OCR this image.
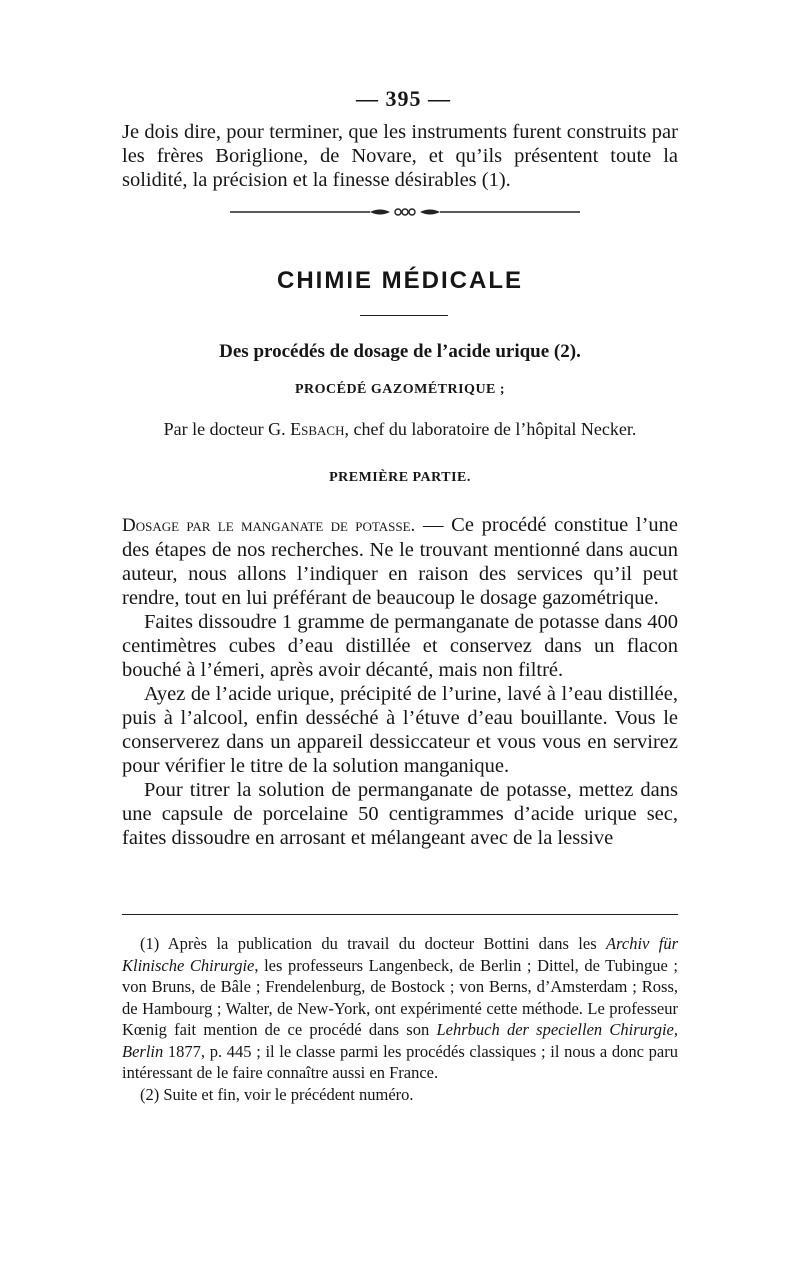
— 395 —
Je dois dire, pour terminer, que les instruments furent construits par les frères Boriglione, de Novare, et qu’ils présentent toute la solidité, la précision et la finesse désirables (1).
CHIMIE MÉDICALE
Des procédés de dosage de l’acide urique (2).
PROCÉDÉ GAZOMÉTRIQUE ;
Par le docteur G. Esbach, chef du laboratoire de l’hôpital Necker.
PREMIÈRE PARTIE.

Dosage par le manganate de potasse. — Ce procédé constitue l’une des étapes de nos recherches. Ne le trouvant mentionné dans aucun auteur, nous allons l’indiquer en raison des services qu’il peut rendre, tout en lui préférant de beaucoup le dosage gazométrique.

Faites dissoudre 1 gramme de permanganate de potasse dans 400 centimètres cubes d’eau distillée et conservez dans un flacon bouché à l’émeri, après avoir décanté, mais non filtré.

Ayez de l’acide urique, précipité de l’urine, lavé à l’eau distillée, puis à l’alcool, enfin desséché à l’étuve d’eau bouillante. Vous le conserverez dans un appareil dessiccateur et vous vous en servirez pour vérifier le titre de la solution manganique.

Pour titrer la solution de permanganate de potasse, mettez dans une capsule de porcelaine 50 centigrammes d’acide urique sec, faites dissoudre en arrosant et mélangeant avec de la lessive

(1) Après la publication du travail du docteur Bottini dans les Archiv für Klinische Chirurgie, les professeurs Langenbeck, de Berlin ; Dittel, de Tubingue ; von Bruns, de Bâle ; Frendelenburg, de Bostock ; von Berns, d’Amsterdam ; Ross, de Hambourg ; Walter, de New-York, ont expérimenté cette méthode. Le professeur Kœnig fait mention de ce procédé dans son Lehrbuch der speciellen Chirurgie, Berlin 1877, p. 445 ; il le classe parmi les procédés classiques ; il nous a donc paru intéressant de le faire connaître aussi en France.

(2) Suite et fin, voir le précédent numéro.
